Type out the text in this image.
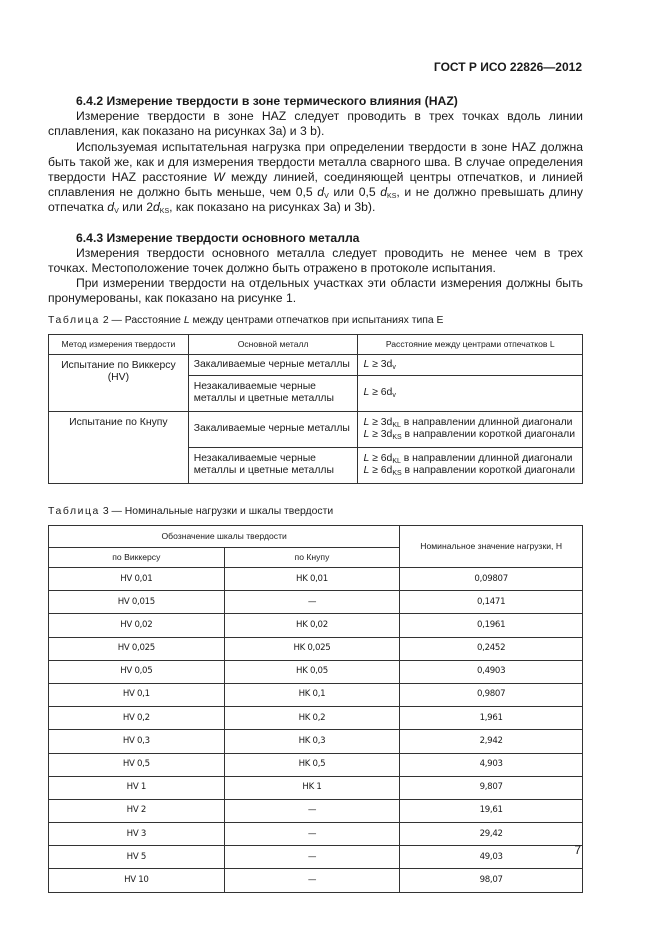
ГОСТ Р ИСО 22826—2012
6.4.2 Измерение твердости в зоне термического влияния (HAZ)
Измерение твердости в зоне HAZ следует проводить в трех точках вдоль линии сплавления, как показано на рисунках 3a) и 3 b).
Используемая испытательная нагрузка при определении твердости в зоне HAZ должна быть такой же, как и для измерения твердости металла сварного шва. В случае определения твердости HAZ расстояние W между линией, соединяющей центры отпечатков, и линией сплавления не должно быть меньше, чем 0,5 $d_V$ или 0,5 $d_{KS}$, и не должно превышать длину отпечатка $d_V$ или $2d_{KS}$, как показано на рисунках 3a) и 3b).
6.4.3 Измерение твердости основного металла
Измерения твердости основного металла следует проводить не менее чем в трех точках. Местоположение точек должно быть отражено в протоколе испытания.
При измерении твердости на отдельных участках эти области измерения должны быть пронумерованы, как показано на рисунке 1.
Таблица 2 — Расстояние L между центрами отпечатков при испытаниях типа Е
Метод измерения твердости	Основной металл	Расстояние между центрами отпечатков L
Испытание по Виккерсу (HV)	Закаливаемые черные металлы	$L \ge 3d_v$
	Незакаливаемые черные металлы и цветные металлы	$L \ge 6d_v$
Испытание по Кнупу	Закаливаемые черные металлы	$L \ge 3d_{KL}$ в направлении длинной диагонали
$L \ge 3d_{KS}$ в направлении короткой диагонали

	Незакаливаемые черные металлы и цветные металлы	$L \ge 6d_{KL}$ в направлении длинной диагонали
$L \ge 6d_{KS}$ в направлении короткой диагонали
Таблица 3 — Номинальные нагрузки и шкалы твердости
Обозначение шкалы твердости		Номинальное значение нагрузки, Н
по Виккерсу	по Кнупу	
HV 0,01	HK 0,01	0,09807
HV 0,015	—	0,1471
HV 0,02	HK 0,02	0,1961
HV 0,025	HK 0,025	0,2452
HV 0,05	HK 0,05	0,4903
HV 0,1	HK 0,1	0,9807
HV 0,2	HK 0,2	1,961
HV 0,3	HK 0,3	2,942
HV 0,5	HK 0,5	4,903
HV 1	HK 1	9,807
HV 2	—	19,61
HV 3	—	29,42
HV 5	—	49,03
HV 10	—	98,07
7
